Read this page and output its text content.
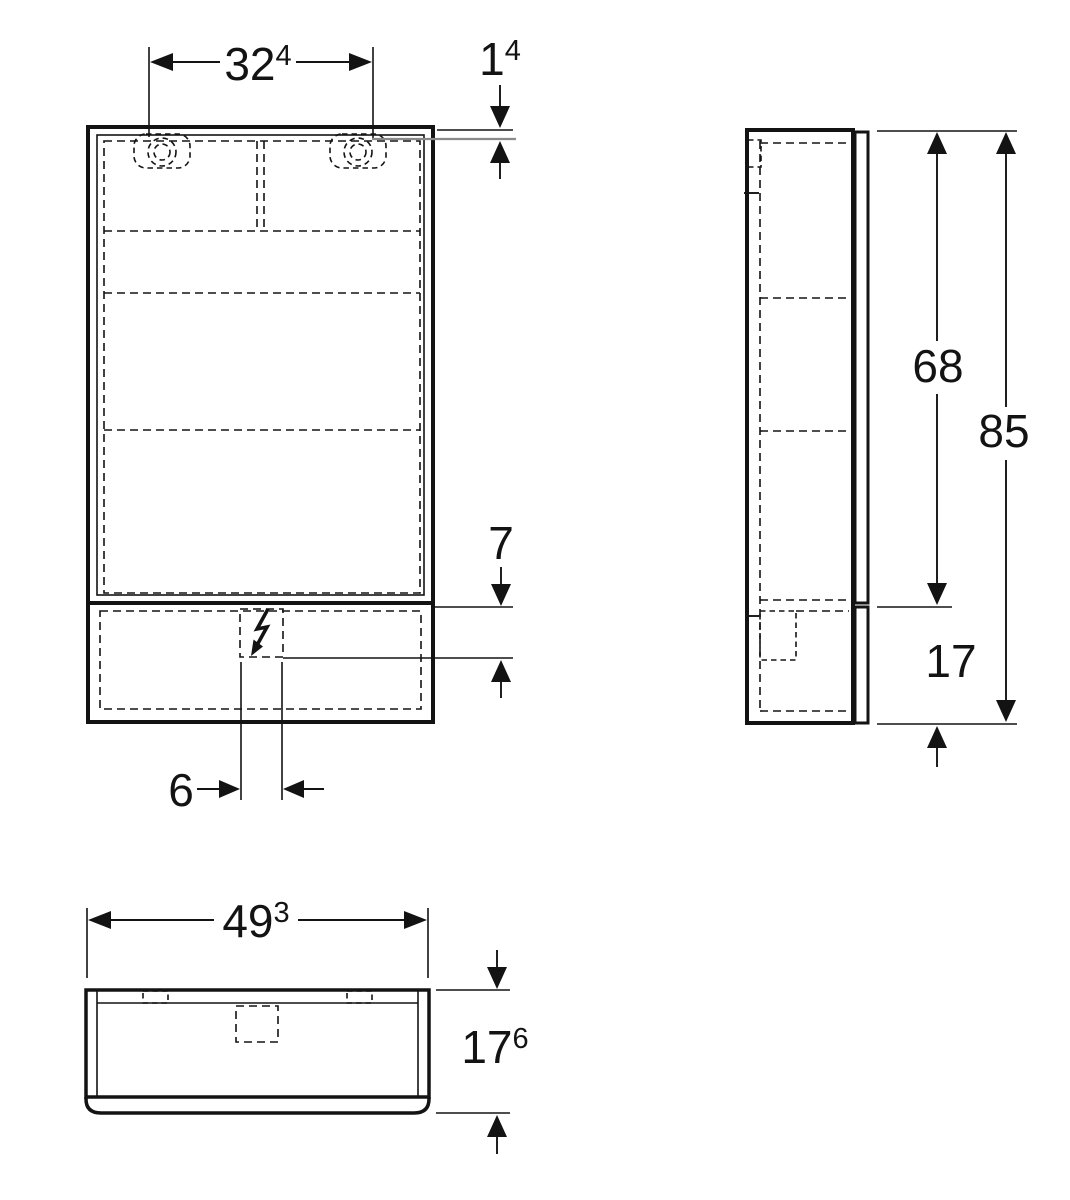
$32^4$	$1^4$
7
6
68
85
17
$49^3$
$17^6$
